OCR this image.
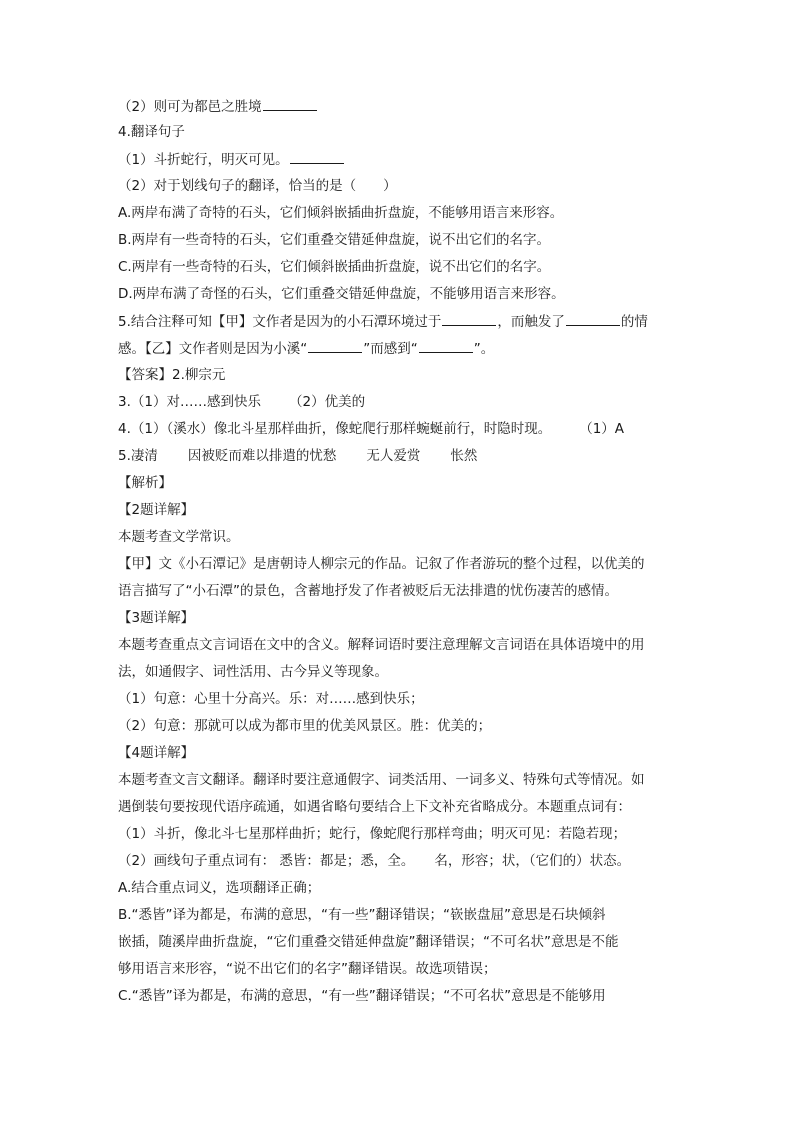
（2）则可为都邑之胜境
4.翻译句子
（1）斗折蛇行，明灭可见。
（2）对于划线句子的翻译，恰当的是（　　）
A.两岸布满了奇特的石头，它们倾斜嵌插曲折盘旋，不能够用语言来形容。
B.两岸有一些奇特的石头，它们重叠交错延伸盘旋，说不出它们的名字。
C.两岸有一些奇特的石头，它们倾斜嵌插曲折盘旋，说不出它们的名字。
D.两岸布满了奇怪的石头，它们重叠交错延伸盘旋，不能够用语言来形容。
5.结合注释可知【甲】文作者是因为的小石潭环境过于	，而触发了	的情
感。【乙】文作者则是因为小溪“	”而感到“	”。
【答案】2.柳宗元
3.（1）对……感到快乐 （2）优美的
4.（1）（溪水）像北斗星那样曲折，像蛇爬行那样蜿蜒前行，时隐时现。 （1）A
5.凄清 因被贬而难以排遣的忧愁 无人爱赏 怅然
【解析】
【2题详解】
本题考查文学常识。
【甲】文《小石潭记》是唐朝诗人柳宗元的作品。记叙了作者游玩的整个过程，以优美的
语言描写了“小石潭”的景色，含蓄地抒发了作者被贬后无法排遣的忧伤凄苦的感情。
【3题详解】
本题考查重点文言词语在文中的含义。解释词语时要注意理解文言词语在具体语境中的用
法，如通假字、词性活用、古今异义等现象。
（1）句意：心里十分高兴。乐：对……感到快乐；
（2）句意：那就可以成为都市里的优美风景区。胜：优美的；
【4题详解】
本题考查文言文翻译。翻译时要注意通假字、词类活用、一词多义、特殊句式等情况。如
遇倒装句要按现代语序疏通，如遇省略句要结合上下文补充省略成分。本题重点词有：
（1）斗折，像北斗七星那样曲折；蛇行，像蛇爬行那样弯曲；明灭可见：若隐若现；
（2）画线句子重点词有： 悉皆：都是；悉，全。 名，形容；状，（它们的）状态。
A.结合重点词义，选项翻译正确；
B.“悉皆”译为都是，布满的意思，“有一些”翻译错误；“嵚嵌盘屈”意思是石块倾斜
嵌插，随溪岸曲折盘旋，“它们重叠交错延伸盘旋”翻译错误；“不可名状”意思是不能
够用语言来形容，“说不出它们的名字”翻译错误。故选项错误；
C.“悉皆”译为都是，布满的意思，“有一些”翻译错误；“不可名状”意思是不能够用
